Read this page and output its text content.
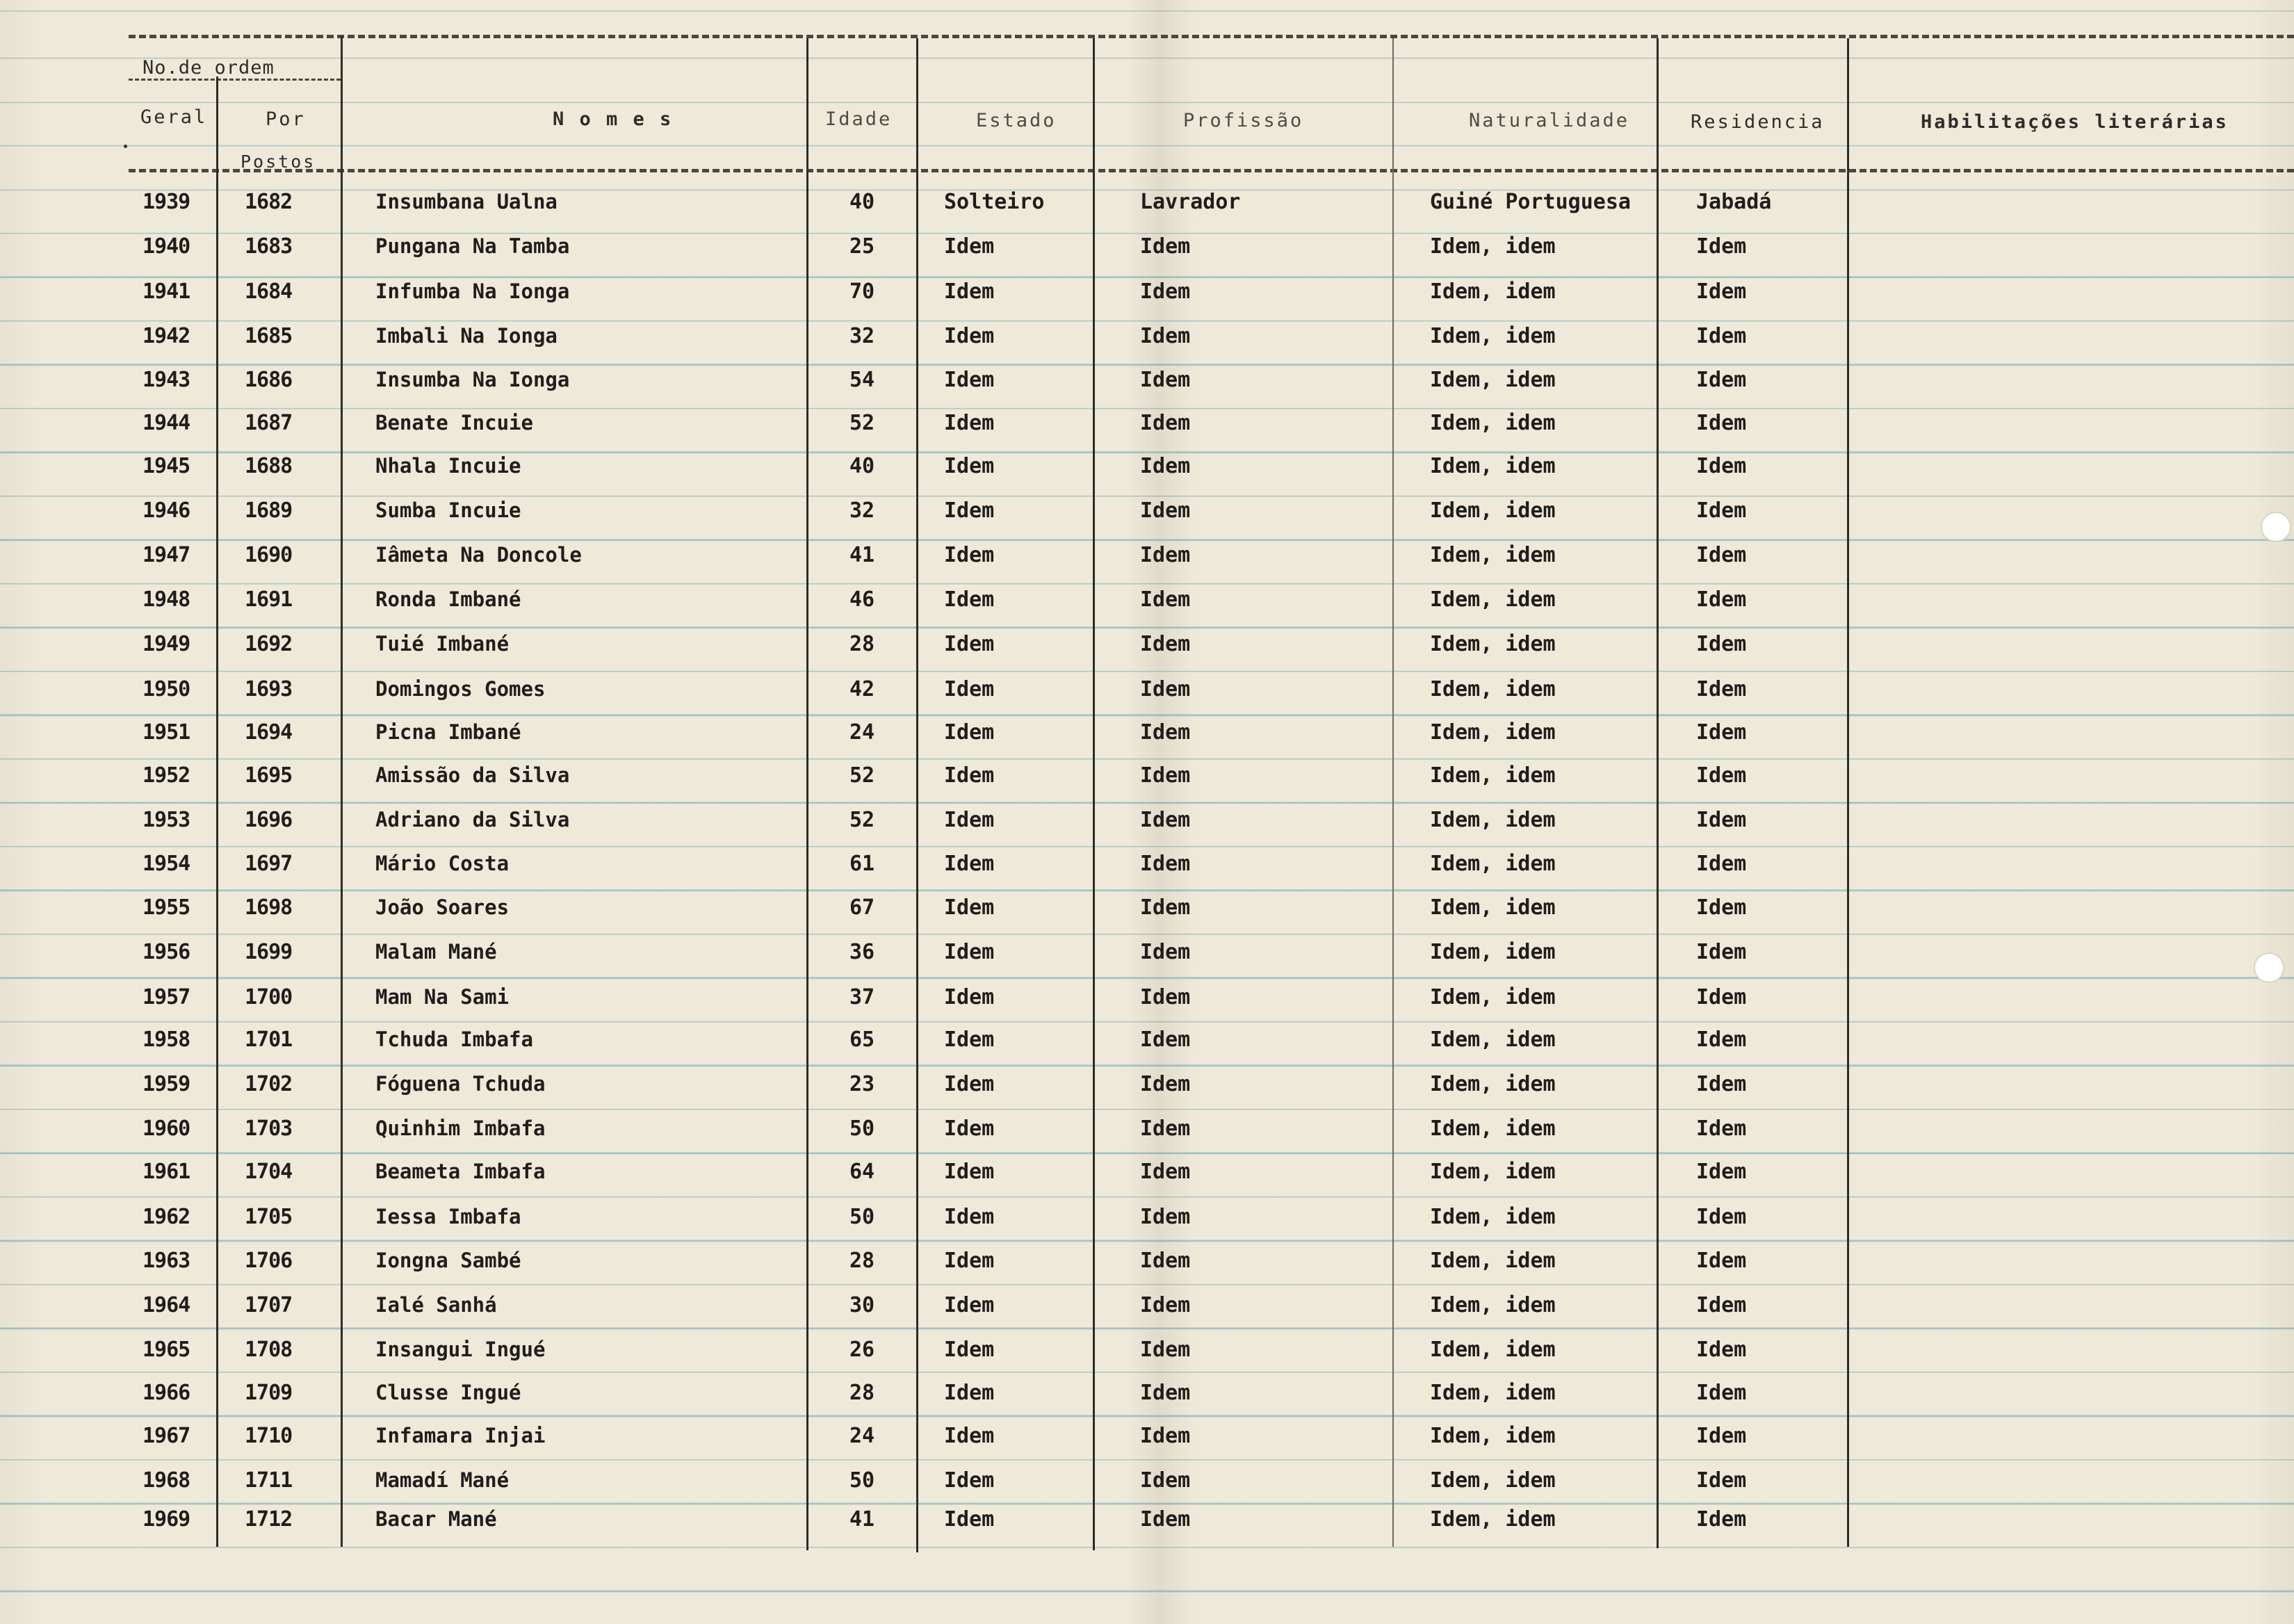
No.de ordem
Geral	Por
Postos
N o m e s	Idade	Estado	Profissão	Naturalidade	Residencia	Habilitações literárias
1939	1682	Insumbana Ualna	40	Solteiro	Lavrador	Guiné Portuguesa	Jabadá
1940	1683	Pungana Na Tamba	25	Idem	Idem	Idem, idem	Idem
1941	1684	Infumba Na Ionga	70	Idem	Idem	Idem, idem	Idem
1942	1685	Imbali Na Ionga	32	Idem	Idem	Idem, idem	Idem
1943	1686	Insumba Na Ionga	54	Idem	Idem	Idem, idem	Idem
1944	1687	Benate Incuie	52	Idem	Idem	Idem, idem	Idem
1945	1688	Nhala Incuie	40	Idem	Idem	Idem, idem	Idem
1946	1689	Sumba Incuie	32	Idem	Idem	Idem, idem	Idem
1947	1690	Iâmeta Na Doncole	41	Idem	Idem	Idem, idem	Idem
1948	1691	Ronda Imbané	46	Idem	Idem	Idem, idem	Idem
1949	1692	Tuié Imbané	28	Idem	Idem	Idem, idem	Idem
1950	1693	Domingos Gomes	42	Idem	Idem	Idem, idem	Idem
1951	1694	Picna Imbané	24	Idem	Idem	Idem, idem	Idem
1952	1695	Amissão da Silva	52	Idem	Idem	Idem, idem	Idem
1953	1696	Adriano da Silva	52	Idem	Idem	Idem, idem	Idem
1954	1697	Mário Costa	61	Idem	Idem	Idem, idem	Idem
1955	1698	João Soares	67	Idem	Idem	Idem, idem	Idem
1956	1699	Malam Mané	36	Idem	Idem	Idem, idem	Idem
1957	1700	Mam Na Sami	37	Idem	Idem	Idem, idem	Idem
1958	1701	Tchuda Imbafa	65	Idem	Idem	Idem, idem	Idem
1959	1702	Fóguena Tchuda	23	Idem	Idem	Idem, idem	Idem
1960	1703	Quinhim Imbafa	50	Idem	Idem	Idem, idem	Idem
1961	1704	Beameta Imbafa	64	Idem	Idem	Idem, idem	Idem
1962	1705	Iessa Imbafa	50	Idem	Idem	Idem, idem	Idem
1963	1706	Iongna Sambé	28	Idem	Idem	Idem, idem	Idem
1964	1707	Ialé Sanhá	30	Idem	Idem	Idem, idem	Idem
1965	1708	Insangui Ingué	26	Idem	Idem	Idem, idem	Idem
1966	1709	Clusse Ingué	28	Idem	Idem	Idem, idem	Idem
1967	1710	Infamara Injai	24	Idem	Idem	Idem, idem	Idem
1968	1711	Mamadí Mané	50	Idem	Idem	Idem, idem	Idem
1969	1712	Bacar Mané	41	Idem	Idem	Idem, idem	Idem
